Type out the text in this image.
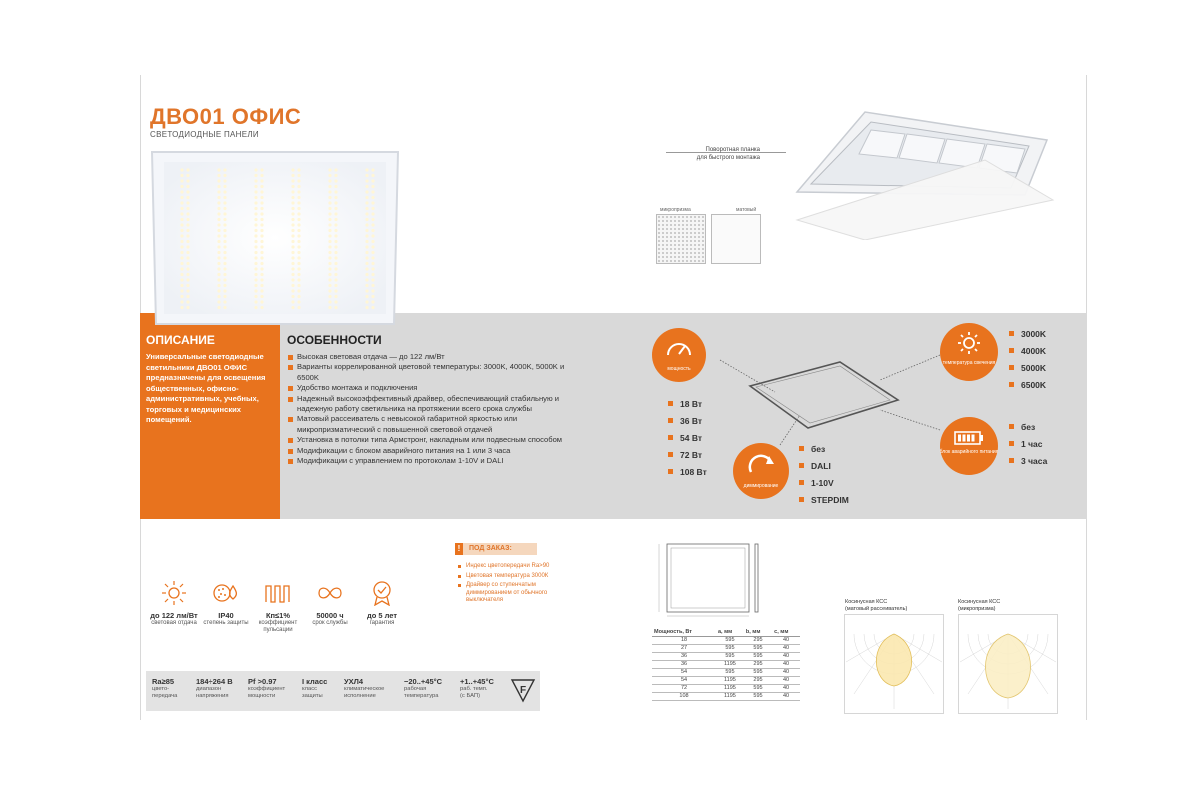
ДВО01 ОФИС
СВЕТОДИОДНЫЕ ПАНЕЛИ
Поворотная планка
для быстрого монтажа
микропризма	матовый
ОПИСАНИЕ
Универсальные светодиодные светильники ДВО01 ОФИС предназначены для освещения общественных, офисно-административных, учебных, торговых и медицинских помещений.
ОСОБЕННОСТИ
Высокая световая отдача — до 122 лм/Вт
Варианты коррелированной цветовой температуры: 3000K, 4000K, 5000K и 6500K
Удобство монтажа и подключения
Надежный высокоэффективный драйвер, обеспечивающий стабильную и надежную работу светильника на протяжении всего срока службы
Матовый рассеиватель с невысокой габаритной яркостью или микропризматический с повышенной световой отдачей
Установка в потолки типа Армстронг, накладным или подвесным способом
Модификации с блоком аварийного питания на 1 или 3 часа
Модификации с управлением по протоколам 1-10V и DALI
мощность
18 Вт
36 Вт
54 Вт
72 Вт
108 Вт
диммирование
без
DALI
1-10V
STEPDIM
температура свечения
3000K
4000K
5000K
6500K
блок аварийного питания
без
1 час
3 часа
до 122 лм/Вт
световая отдача
IP40
степень защиты
Кп≤1%
коэффициент пульсации
50000 ч
срок службы
до 5 лет
гарантия
Ra≥85
цвето-
передача
184÷264 В
диапазон
напряжения
Pf >0.97
коэффициент
мощности
I класс
класс
защиты
УХЛ4
климатическое
исполнение
−20..+45°С
рабочая
температура
+1..+45°С
раб. темп.
(с БАП)	F
!	ПОД ЗАКАЗ:
Индекс цветопередачи Ra>90
Цветовая температура 3000К
Драйвер со ступенчатым диммированием от обычного выключателя
Мощность, Вт	a, мм	b, мм	c, мм
18	595	295	40
27	595	595	40
36	595	595	40
36	1195	295	40
54	595	595	40
54	1195	295	40
72	1195	595	40
108	1195	595	40
Косинусная КСС
(матовый рассеиватель)
Косинусная КСС
(микропризма)
